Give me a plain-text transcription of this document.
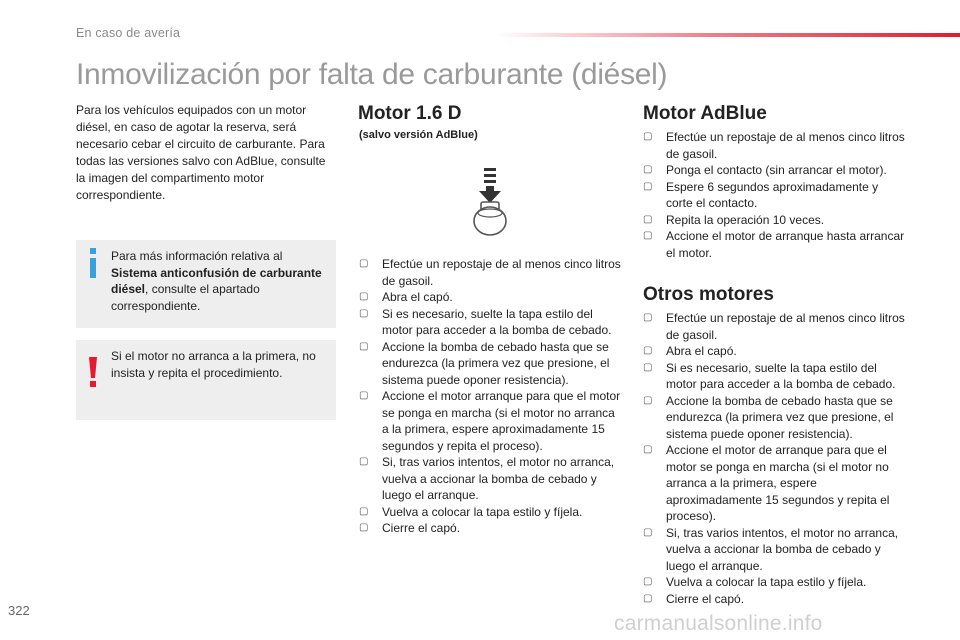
En caso de avería
Inmovilización por falta de carburante (diésel)

Para los vehículos equipados con un motor diésel, en caso de agotar la reserva, será necesario cebar el circuito de carburante. Para todas las versiones salvo con AdBlue, consulte la imagen del compartimento motor correspondiente.

Para más información relativa al Sistema anticonfusión de carburante diésel, consulte el apartado correspondiente.

Si el motor no arranca a la primera, no insista y repita el procedimiento.

Motor 1.6 D
(salvo versión AdBlue)
▢ Efectúe un repostaje de al menos cinco litros de gasoil.
▢ Abra el capó.
▢ Si es necesario, suelte la tapa estilo del motor para acceder a la bomba de cebado.
▢ Accione la bomba de cebado hasta que se endurezca (la primera vez que presione, el sistema puede oponer resistencia).
▢ Accione el motor arranque para que el motor se ponga en marcha (si el motor no arranca a la primera, espere aproximadamente 15 segundos y repita el proceso).
▢ Si, tras varios intentos, el motor no arranca, vuelva a accionar la bomba de cebado y luego el arranque.
▢ Vuelva a colocar la tapa estilo y fíjela.
▢ Cierre el capó.
Motor AdBlue
▢ Efectúe un repostaje de al menos cinco litros de gasoil.
▢ Ponga el contacto (sin arrancar el motor).
▢ Espere 6 segundos aproximadamente y corte el contacto.
▢ Repita la operación 10 veces.
▢ Accione el motor de arranque hasta arrancar el motor.
Otros motores
▢ Efectúe un repostaje de al menos cinco litros de gasoil.
▢ Abra el capó.
▢ Si es necesario, suelte la tapa estilo del motor para acceder a la bomba de cebado.
▢ Accione la bomba de cebado hasta que se endurezca (la primera vez que presione, el sistema puede oponer resistencia).
▢ Accione el motor de arranque para que el motor se ponga en marcha (si el motor no arranca a la primera, espere aproximadamente 15 segundos y repita el proceso).
▢ Si, tras varios intentos, el motor no arranca, vuelva a accionar la bomba de cebado y luego el arranque.
▢ Vuelva a colocar la tapa estilo y fíjela.
▢ Cierre el capó.
322
carmanualsonline.info
